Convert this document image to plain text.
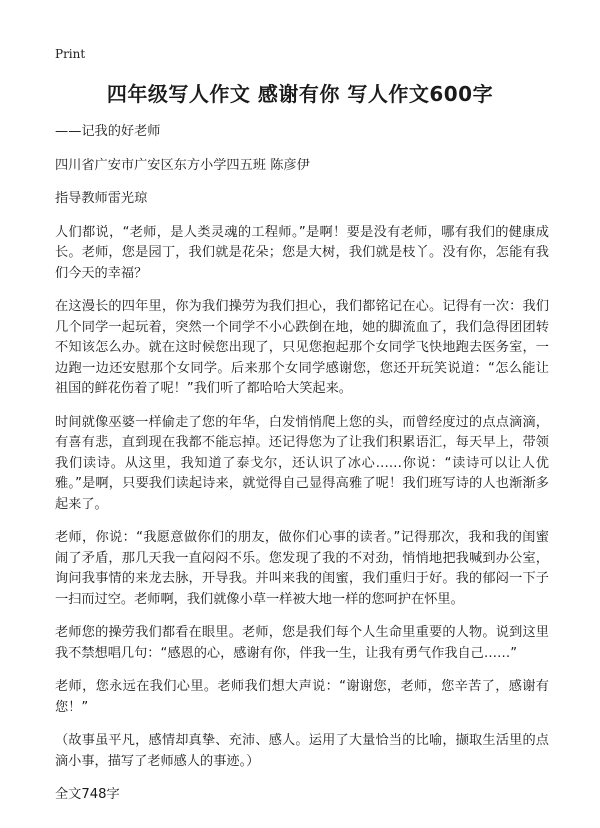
Print
四年级写人作文 感谢有你 写人作文600字

——记我的好老师

四川省广安市广安区东方小学四五班 陈彦伊

指导教师雷光琼

人们都说，“老师，是人类灵魂的工程师。”是啊！要是没有老师，哪有我们的健康成长。老师，您是园丁，我们就是花朵；您是大树，我们就是枝丫。没有你，怎能有我们今天的幸福？

在这漫长的四年里，你为我们操劳为我们担心，我们都铭记在心。记得有一次：我们几个同学一起玩着，突然一个同学不小心跌倒在地，她的脚流血了，我们急得团团转不知该怎么办。就在这时候您出现了，只见您抱起那个女同学飞快地跑去医务室，一边跑一边还安慰那个女同学。后来那个女同学感谢您，您还开玩笑说道：“怎么能让祖国的鲜花伤着了呢！”我们听了都哈哈大笑起来。

时间就像巫婆一样偷走了您的年华，白发悄悄爬上您的头，而曾经度过的点点滴滴，有喜有悲，直到现在我都不能忘掉。还记得您为了让我们积累语汇，每天早上，带领我们读诗。从这里，我知道了泰戈尔，还认识了冰心……你说：“读诗可以让人优雅。”是啊，只要我们读起诗来，就觉得自己显得高雅了呢！我们班写诗的人也渐渐多起来了。

老师，你说：“我愿意做你们的朋友，做你们心事的读者。”记得那次，我和我的闺蜜闹了矛盾，那几天我一直闷闷不乐。您发现了我的不对劲，悄悄地把我喊到办公室，询问我事情的来龙去脉，开导我。并叫来我的闺蜜，我们重归于好。我的郁闷一下子一扫而过空。老师啊，我们就像小草一样被大地一样的您呵护在怀里。

老师您的操劳我们都看在眼里。老师，您是我们每个人生命里重要的人物。说到这里我不禁想唱几句：“感恩的心，感谢有你，伴我一生，让我有勇气作我自己……”

老师，您永远在我们心里。老师我们想大声说：“谢谢您，老师，您辛苦了，感谢有您！”

（故事虽平凡，感情却真挚、充沛、感人。运用了大量恰当的比喻，撷取生活里的点滴小事，描写了老师感人的事迹。）

全文748字
